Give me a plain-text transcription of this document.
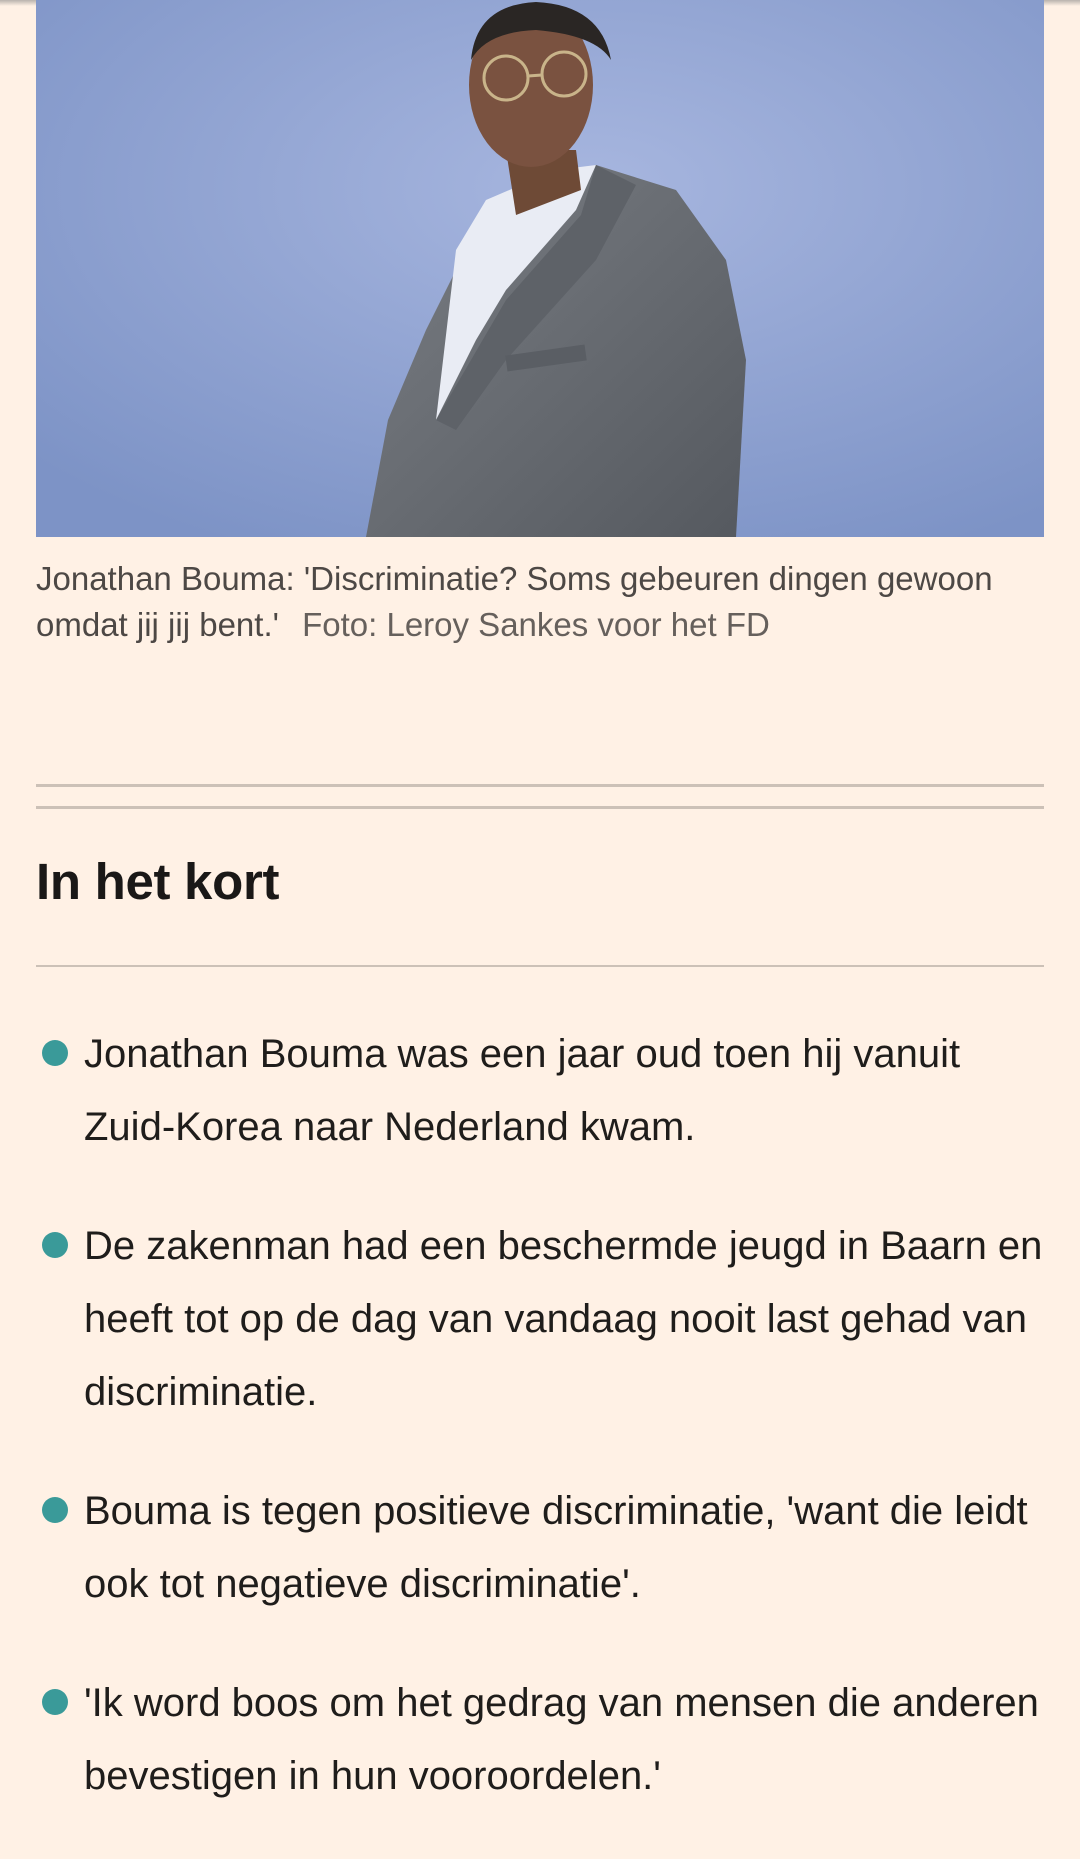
Jonathan Bouma: 'Discriminatie? Soms gebeuren dingen gewoon omdat jij jij bent.' Foto: Leroy Sankes voor het FD
In het kort
Jonathan Bouma was een jaar oud toen hij vanuit Zuid-Korea naar Nederland kwam.
De zakenman had een beschermde jeugd in Baarn en heeft tot op de dag van vandaag nooit last gehad van discriminatie.
Bouma is tegen positieve discriminatie, 'want die leidt ook tot negatieve discriminatie'.
'Ik word boos om het gedrag van mensen die anderen bevestigen in hun vooroordelen.'
